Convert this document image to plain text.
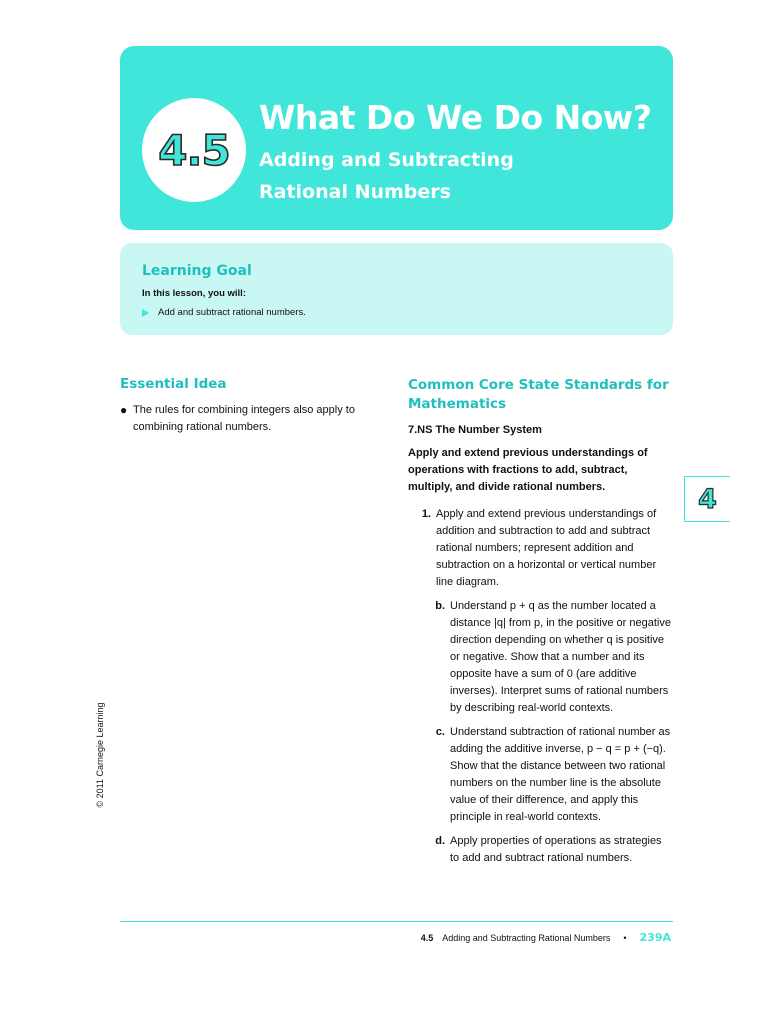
4.5
What Do We Do Now?
Adding and Subtracting Rational Numbers
Learning Goal
In this lesson, you will:
Add and subtract rational numbers.
Essential Idea
● The rules for combining integers also apply to combining rational numbers.
Common Core State Standards for Mathematics
7.NS The Number System
Apply and extend previous understandings of operations with fractions to add, subtract, multiply, and divide rational numbers.
1. Apply and extend previous understandings of addition and subtraction to add and subtract rational numbers; represent addition and subtraction on a horizontal or vertical number line diagram.
b. Understand p + q as the number located a distance |q| from p, in the positive or negative direction depending on whether q is positive or negative. Show that a number and its opposite have a sum of 0 (are additive inverses). Interpret sums of rational numbers by describing real-world contexts.
c. Understand subtraction of rational number as adding the additive inverse, p − q = p + (−q). Show that the distance between two rational numbers on the number line is the absolute value of their difference, and apply this principle in real-world contexts.
d. Apply properties of operations as strategies to add and subtract rational numbers.
4
© 2011 Carnegie Learning
4.5 Adding and Subtracting Rational Numbers • 239A
